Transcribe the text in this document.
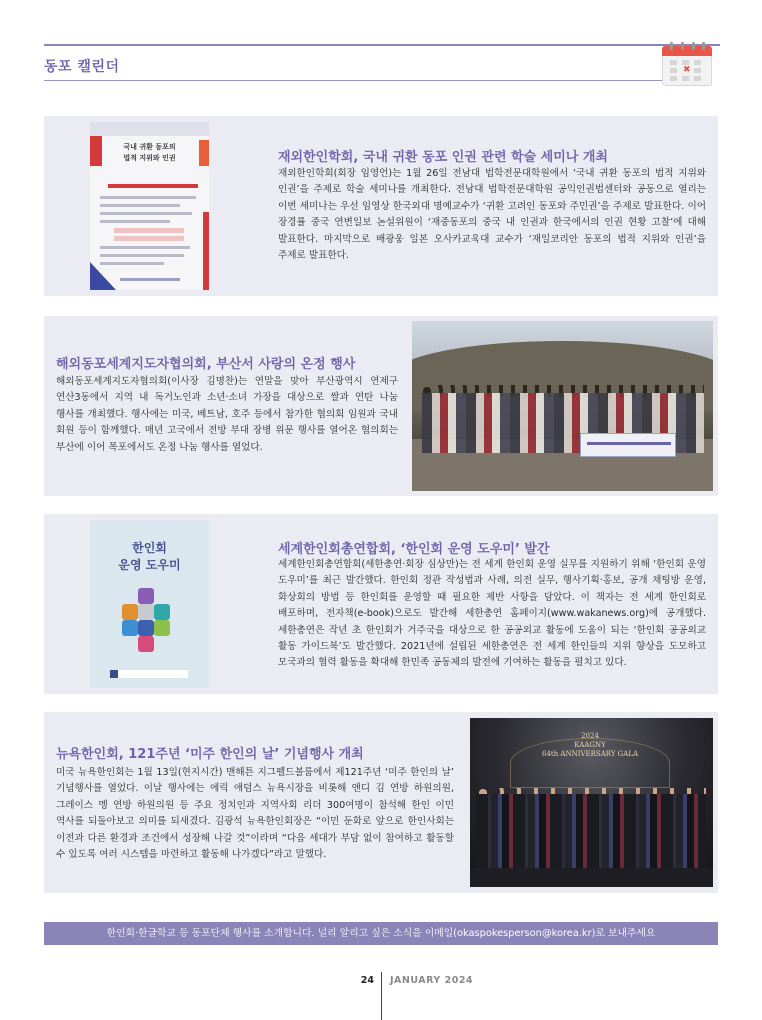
동포 캘린더	✖
국내 귀환 동포의
법적 지위와 인권	재외한인학회, 국내 귀환 동포 인권 관련 학술 세미나 개최

재외한인학회(회장 임영언)는 1월 26일 전남대 법학전문대학원에서 ‘국내 귀환 동포의 법적 지위와 인권’을 주제로 학술 세미나를 개최한다. 전남대 법학전문대학원 공익인권법센터와 공동으로 열리는 이번 세미나는 우선 임영상 한국외대 명예교수가 ‘귀환 고려인 동포와 주민권’을 주제로 발표한다. 이어 장경률 중국 연변일보 논설위원이 ‘재중동포의 중국 내 인권과 한국에서의 인권 현황 고찰’에 대해 발표한다. 마지막으로 배광웅 일본 오사카교육대 교수가 ‘재일코리안 동포의 법적 지위와 인권’을 주제로 발표한다.

해외동포세계지도자협의회, 부산서 사랑의 온정 행사

해외동포세계지도자협의회(이사장 김명찬)는 연말을 맞아 부산광역시 연제구 연산3동에서 지역 내 독거노인과 소년·소녀 가장을 대상으로 쌀과 연탄 나눔 행사를 개최했다. 행사에는 미국, 베트남, 호주 등에서 참가한 협의회 임원과 국내 회원 등이 함께했다. 매년 고국에서 전방 부대 장병 위문 행사를 열어온 협의회는 부산에 이어 목포에서도 온정 나눔 행사를 열었다.

한인회
운영 도우미
세계한인회총연합회, ‘한인회 운영 도우미’ 발간

세계한인회총연합회(세한총연·회장 심상만)는 전 세계 한인회 운영 실무를 지원하기 위해 ‘한인회 운영 도우미’를 최근 발간했다. 한인회 정관 작성법과 사례, 의전 실무, 행사기획·홍보, 공개 채팅방 운영, 화상회의 방법 등 한인회를 운영할 때 필요한 제반 사항을 담았다. 이 책자는 전 세계 한인회로 배포하며, 전자책(e-book)으로도 발간해 세한총연 홈페이지(www.wakanews.org)에 공개했다. 세한총연은 작년 초 한인회가 거주국을 대상으로 한 공공외교 활동에 도움이 되는 ‘한인회 공공외교 활동 가이드북’도 발간했다. 2021년에 설립된 세한총연은 전 세계 한인들의 지위 향상을 도모하고 모국과의 협력 활동을 확대해 한민족 공동체의 발전에 기여하는 활동을 펼치고 있다.

뉴욕한인회, 121주년 ‘미주 한인의 날’ 기념행사 개최

미국 뉴욕한인회는 1월 13일(현지시간) 맨해튼 지그펠드볼룸에서 제121주년 ‘미주 한인의 날’ 기념행사를 열었다. 이날 행사에는 에릭 애덤스 뉴욕시장을 비롯해 앤디 김 연방 하원의원, 그레이스 멩 연방 하원의원 등 주요 정치인과 지역사회 리더 300여명이 참석해 한인 이민 역사를 되돌아보고 의미를 되새겼다. 김광석 뉴욕한인회장은 “이민 둔화로 앞으로 한인사회는 이전과 다른 환경과 조건에서 성장해 나갈 것”이라며 “다음 세대가 부담 없이 참여하고 활동할 수 있도록 여러 시스템을 마련하고 활동해 나가겠다”라고 말했다.

2024
KAAGNY
64th ANNIVERSARY GALA
한인회·한글학교 등 동포단체 행사를 소개합니다. 널리 알리고 싶은 소식을 이메일(okaspokesperson@korea.kr)로 보내주세요
24 JANUARY 2024
